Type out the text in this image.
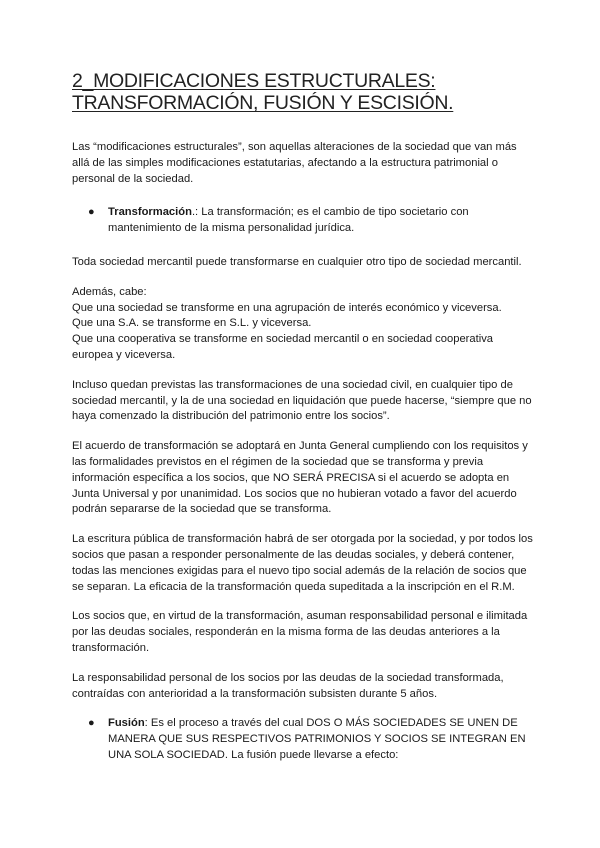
2_MODIFICACIONES ESTRUCTURALES:
TRANSFORMACIÓN, FUSIÓN Y ESCISIÓN.

Las “modificaciones estructurales”, son aquellas alteraciones de la sociedad que van más allá de las simples modificaciones estatutarias, afectando a la estructura patrimonial o personal de la sociedad.

● Transformación.: La transformación; es el cambio de tipo societario con mantenimiento de la misma personalidad jurídica.

Toda sociedad mercantil puede transformarse en cualquier otro tipo de sociedad mercantil.

Además, cabe:

Que una sociedad se transforme en una agrupación de interés económico y viceversa.

Que una S.A. se transforme en S.L. y viceversa.

Que una cooperativa se transforme en sociedad mercantil o en sociedad cooperativa europea y viceversa.

Incluso quedan previstas las transformaciones de una sociedad civil, en cualquier tipo de sociedad mercantil, y la de una sociedad en liquidación que puede hacerse, “siempre que no haya comenzado la distribución del patrimonio entre los socios”.

El acuerdo de transformación se adoptará en Junta General cumpliendo con los requisitos y las formalidades previstos en el régimen de la sociedad que se transforma y previa información específica a los socios, que NO SERÁ PRECISA si el acuerdo se adopta en Junta Universal y por unanimidad. Los socios que no hubieran votado a favor del acuerdo podrán separarse de la sociedad que se transforma.

La escritura pública de transformación habrá de ser otorgada por la sociedad, y por todos los socios que pasan a responder personalmente de las deudas sociales, y deberá contener, todas las menciones exigidas para el nuevo tipo social además de la relación de socios que se separan. La eficacia de la transformación queda supeditada a la inscripción en el R.M.

Los socios que, en virtud de la transformación, asuman responsabilidad personal e ilimitada por las deudas sociales, responderán en la misma forma de las deudas anteriores a la transformación.

La responsabilidad personal de los socios por las deudas de la sociedad transformada, contraídas con anterioridad a la transformación subsisten durante 5 años.

● Fusión: Es el proceso a través del cual DOS O MÁS SOCIEDADES SE UNEN DE MANERA QUE SUS RESPECTIVOS PATRIMONIOS Y SOCIOS SE INTEGRAN EN UNA SOLA SOCIEDAD. La fusión puede llevarse a efecto:
